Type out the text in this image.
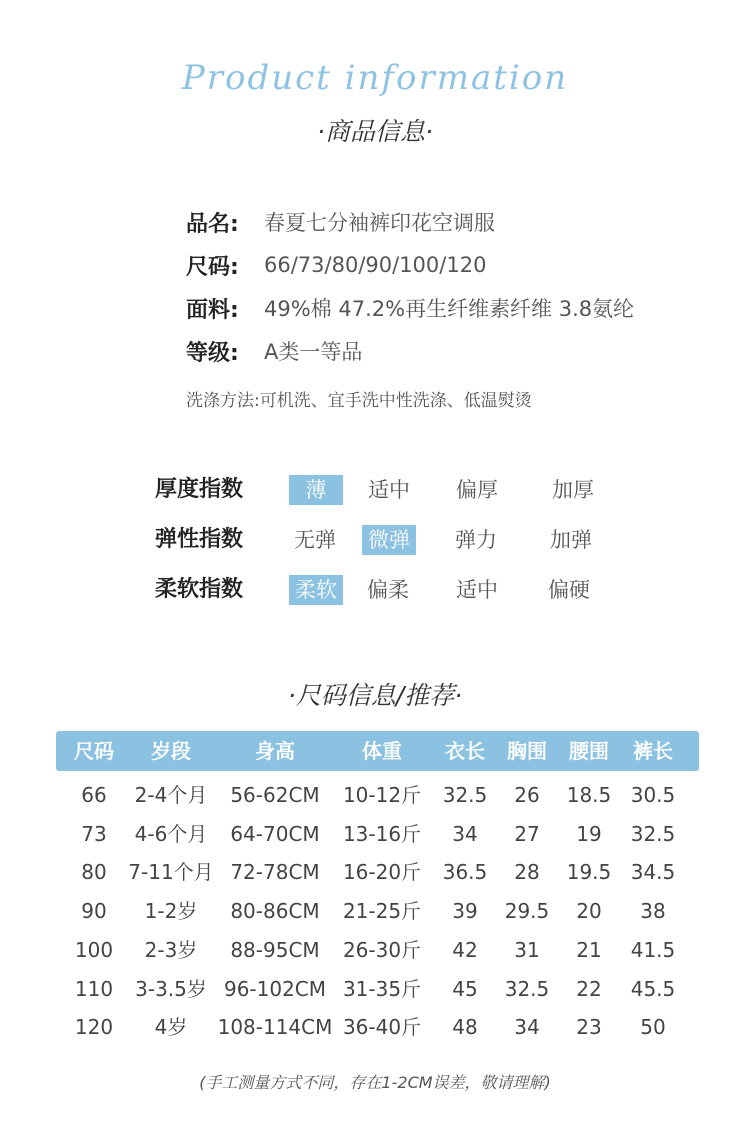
Product information
·商品信息·
品名:	春夏七分袖裤印花空调服
尺码:	66/73/80/90/100/120
面料:	49%棉 47.2%再生纤维素纤维 3.8氨纶
等级:	A类一等品
洗涤方法:可机洗、宜手洗中性洗涤、低温熨烫
厚度指数	薄	适中 偏厚	加厚
弹性指数 无弹 微弹 弹力	加弹
柔软指数 柔软 偏柔 适中 偏硬
·尺码信息/推荐·
尺码	岁段	身高	体重	衣长	胸围	腰围	裤长
66	2-4个月	56-62CM	10-12斤	32.5	26	18.5 30.5
73	4-6个月	64-70CM	13-16斤	34	27	19	32.5
80	7-11个月 72-78CM	16-20斤	36.5	28	19.5 34.5
90	1-2岁	80-86CM	21-25斤	39	29.5	20	38
100	2-3岁	88-95CM	26-30斤	42	31	21	41.5
110	3-3.5岁 96-102CM 31-35斤	45	32.5	22	45.5
120	4岁	108-114CM 36-40斤	48	34	23	50
(手工测量方式不同，存在1-2CM误差，敬请理解)
